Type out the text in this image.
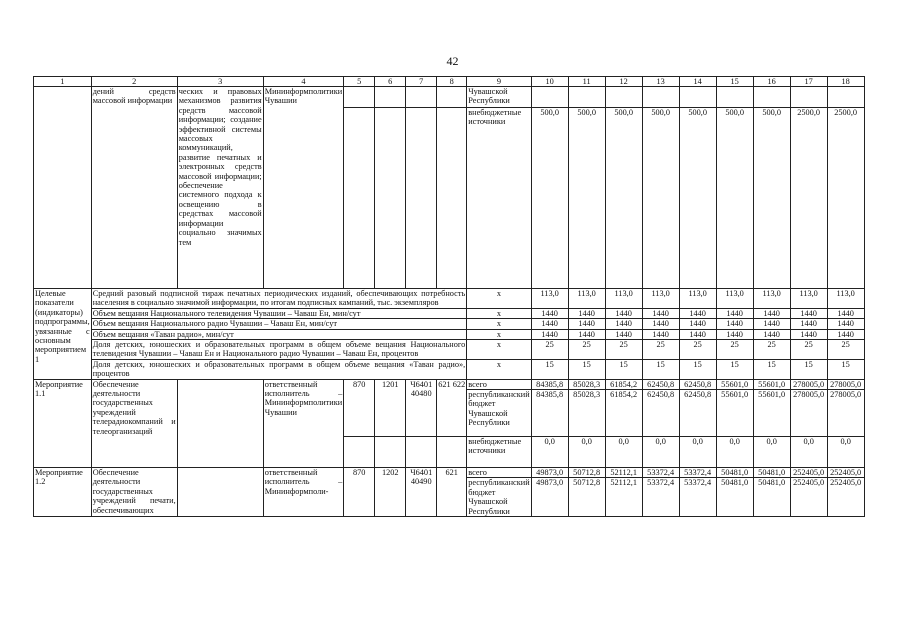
42
1	2	3	4	5	6	7	8	9	10	11	12	13	14	15	16	17	18
	дений средств массовой информации	ческих и правовых механизмов развития средств массовой информации; создание эффективной системы массовых коммуникаций, развитие печатных и электронных средств массовой информации; обеспечение системного подхода к освещению в средствах массовой информации социально значимых тем	Мининформполитики Чувашии					Чувашской Республики									
								внебюджетные источники	500,0	500,0	500,0	500,0	500,0	500,0	500,0	2500,0	2500,0
Целевые показатели (индикаторы) подпрограммы, увязанные с основным мероприятием 1	Средний разовый подписной тираж печатных периодических изданий, обеспечивающих потребность населения в социально значимой информации, по итогам подписных кампаний, тыс. экземпляров							x	113,0	113,0	113,0	113,0	113,0	113,0	113,0	113,0	113,0
	Объем вещания Национального телевидения Чувашии – Чаваш Ен, мин/сут							x	1440	1440	1440	1440	1440	1440	1440	1440	1440
	Объем вещания Национального радио Чувашии – Чаваш Ен, мин/сут							x	1440	1440	1440	1440	1440	1440	1440	1440	1440
	Объем вещания «Таван радио», мин/сут							x	1440	1440	1440	1440	1440	1440	1440	1440	1440
	Доля детских, юношеских и образовательных программ в общем объеме вещания Национального телевидения Чувашии – Чаваш Ен и Национального радио Чувашии – Чаваш Ен, процентов							x	25	25	25	25	25	25	25	25	25
	Доля детских, юношеских и образовательных программ в общем объеме вещания «Таван радио», процентов							x	15	15	15	15	15	15	15	15	15
Мероприятие 1.1	Обеспечение деятельности государственных учреждений телерадиокомпаний и телеорганизаций		ответственный исполнитель – Мининформполитики Чувашии	870	1201	Ч6401 40480	621 622	всего	84385,8	85028,3	61854,2	62450,8	62450,8	55601,0	55601,0	278005,0	278005,0
								республиканский бюджет Чувашской Республики	84385,8	85028,3	61854,2	62450,8	62450,8	55601,0	55601,0	278005,0	278005,0
								внебюджетные источники	0,0	0,0	0,0	0,0	0,0	0,0	0,0	0,0	0,0
Мероприятие 1.2	Обеспечение деятельности государственных учреждений печати, обеспечивающих		ответственный исполнитель – Мининформполи-	870	1202	Ч6401 40490	621	всего	49873,0	50712,8	52112,1	53372,4	53372,4	50481,0	50481,0	252405,0	252405,0
								республиканский бюджет Чувашской Республики	49873,0	50712,8	52112,1	53372,4	53372,4	50481,0	50481,0	252405,0	252405,0
